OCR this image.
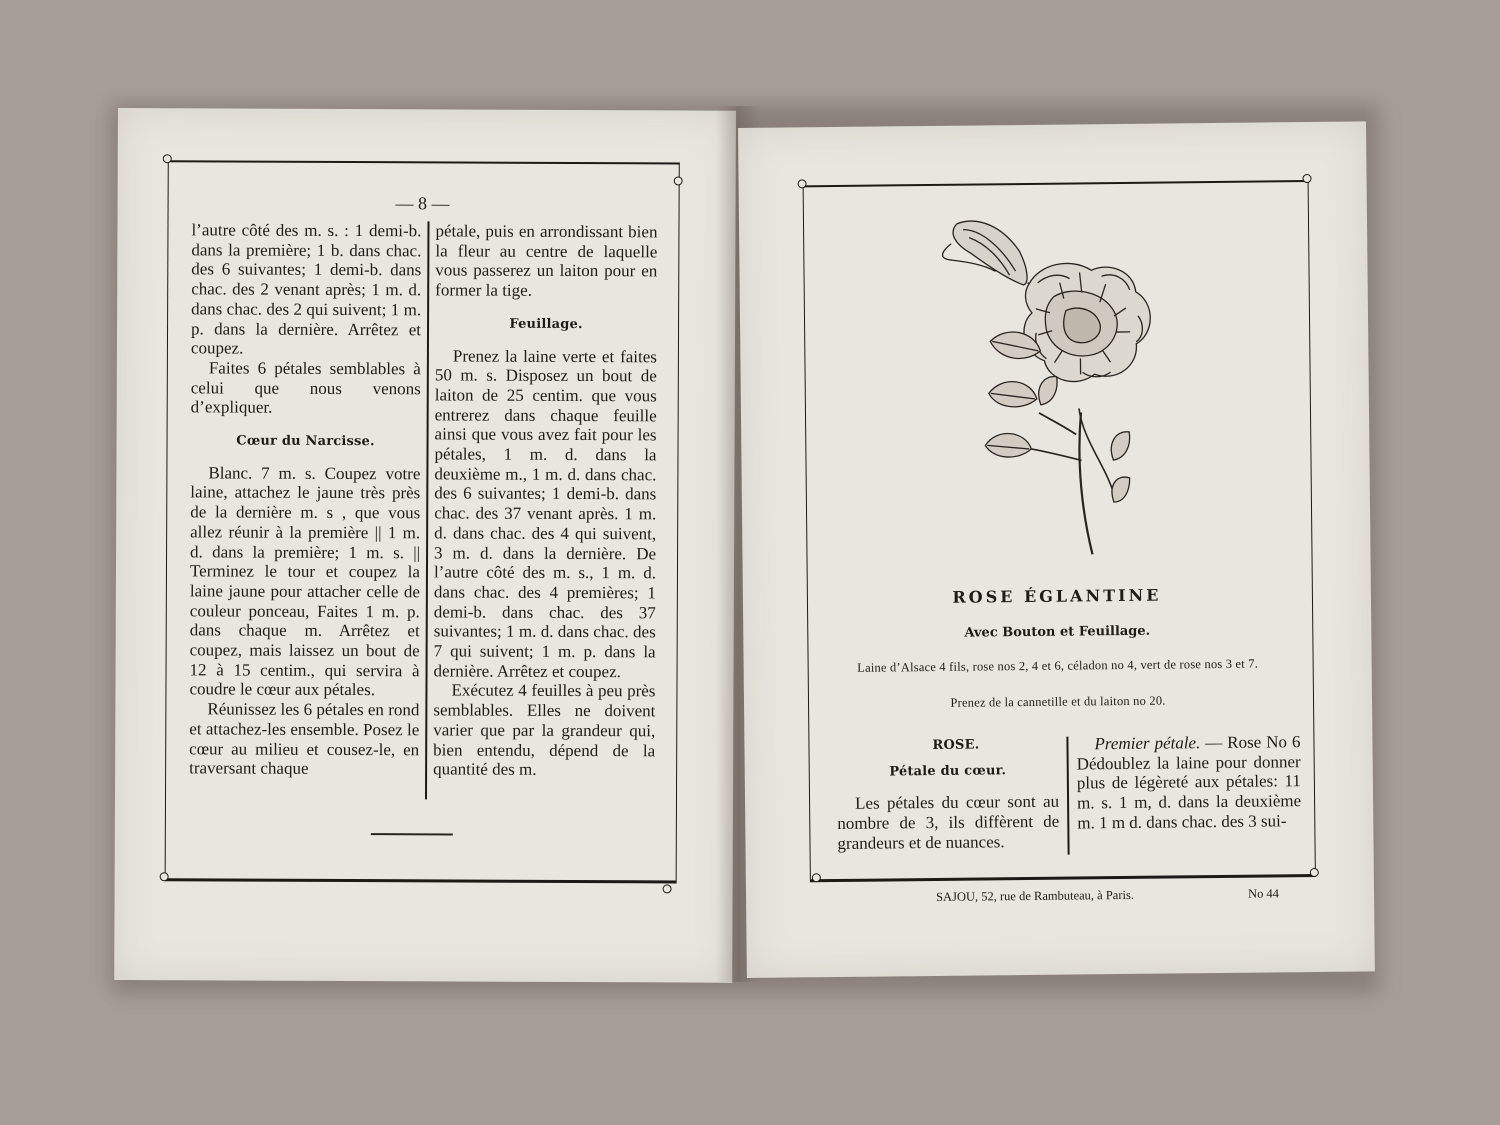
— 8 —

l’autre côté des m. s. : 1 demi-b. dans la première; 1 b. dans chac. des 6 suivantes; 1 demi-b. dans chac. des 2 venant après; 1 m. d. dans chac. des 2 qui suivent; 1 m. p. dans la dernière. Arrêtez et coupez.

Faites 6 pétales semblables à celui que nous venons d’expliquer.

Cœur du Narcisse.

Blanc. 7 m. s. Coupez votre laine, attachez le jaune très près de la dernière m. s , que vous allez réunir à la première || 1 m. d. dans la première; 1 m. s. || Terminez le tour et coupez la laine jaune pour attacher celle de couleur ponceau, Faites 1 m. p. dans chaque m. Arrêtez et coupez, mais laissez un bout de 12 à 15 centim., qui servira à coudre le cœur aux pétales.

Réunissez les 6 pétales en rond et attachez-les ensemble. Posez le cœur au milieu et cousez-le, en traversant chaque

pétale, puis en arrondissant bien la fleur au centre de laquelle vous passerez un laiton pour en former la tige.

Feuillage.

Prenez la laine verte et faites 50 m. s. Disposez un bout de laiton de 25 centim. que vous entrerez dans chaque feuille ainsi que vous avez fait pour les pétales, 1 m. d. dans la deuxième m., 1 m. d. dans chac. des 6 suivantes; 1 demi-b. dans chac. des 37 venant après. 1 m. d. dans chac. des 4 qui suivent, 3 m. d. dans la dernière. De l’autre côté des m. s., 1 m. d. dans chac. des 4 premières; 1 demi-b. dans chac. des 37 suivantes; 1 m. d. dans chac. des 7 qui suivent; 1 m. p. dans la dernière. Arrêtez et coupez.

Exécutez 4 feuilles à peu près semblables. Elles ne doivent varier que par la grandeur qui, bien entendu, dépend de la quantité des m.

ROSE ÉGLANTINE
Avec Bouton et Feuillage.
Laine d’Alsace 4 fils, rose nos 2, 4 et 6, céladon no 4, vert de rose nos 3 et 7.
Prenez de la cannetille et du laiton no 20.
ROSE.
Pétale du cœur.

Les pétales du cœur sont au nombre de 3, ils diffèrent de grandeurs et de nuances.

Premier pétale. — Rose No 6 Dédoublez la laine pour donner plus de légèreté aux pétales: 11 m. s. 1 m, d. dans la deuxième m. 1 m d. dans chac. des 3 sui-

SAJOU, 52, rue de Rambuteau, à Paris.	No 44
